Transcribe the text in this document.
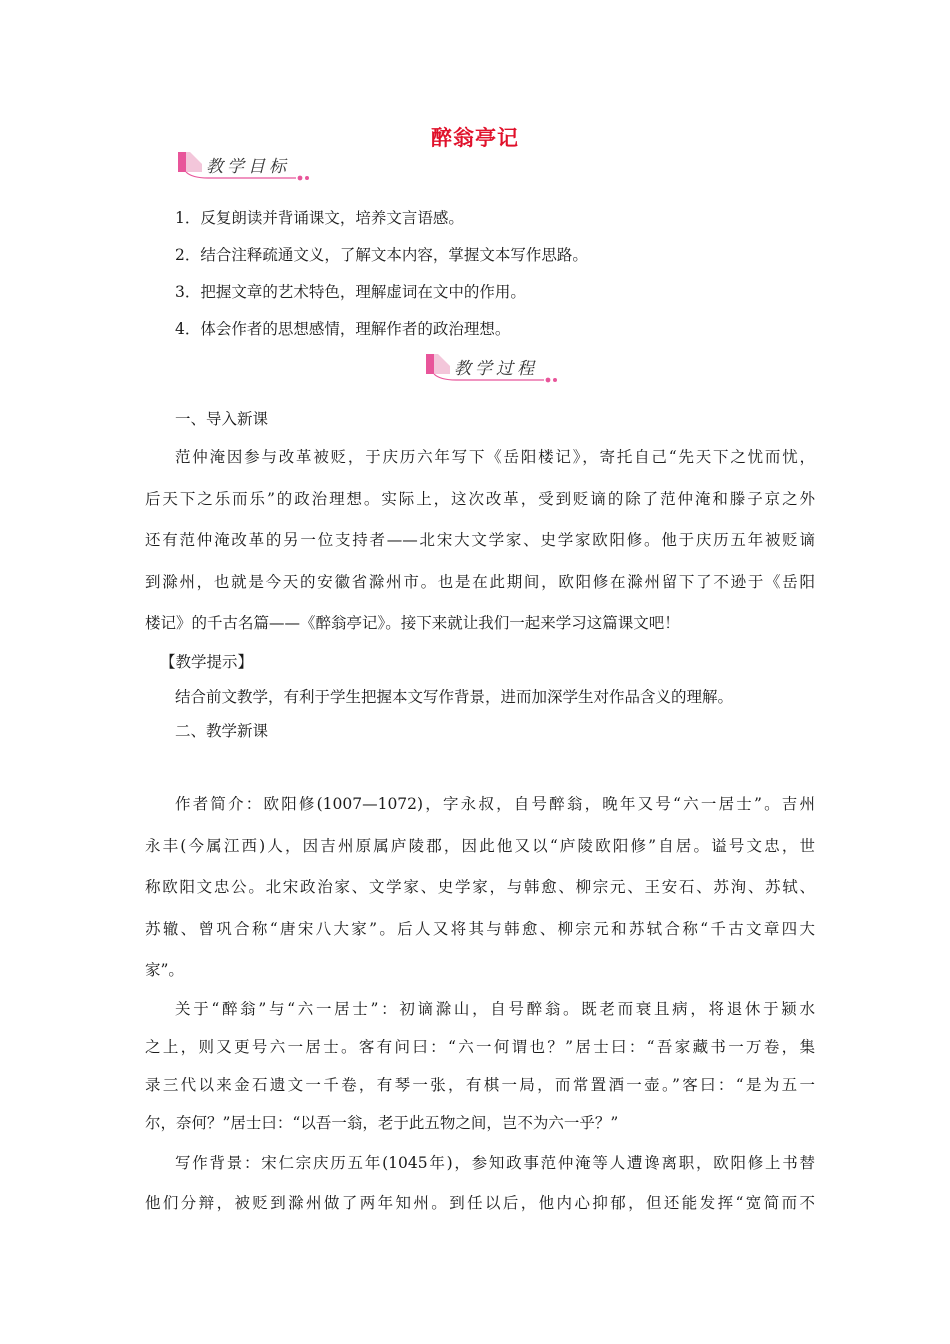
醉翁亭记
教学目标
1．反复朗读并背诵课文，培养文言语感。
2．结合注释疏通文义，了解文本内容，掌握文本写作思路。
3．把握文章的艺术特色，理解虚词在文中的作用。
4．体会作者的思想感情，理解作者的政治理想。
教学过程
一、导入新课
范仲淹因参与改革被贬，于庆历六年写下《岳阳楼记》，寄托自己“先天下之忧而忧，
后天下之乐而乐”的政治理想。实际上，这次改革，受到贬谪的除了范仲淹和滕子京之外
还有范仲淹改革的另一位支持者——北宋大文学家、史学家欧阳修。他于庆历五年被贬谪
到滁州，也就是今天的安徽省滁州市。也是在此期间，欧阳修在滁州留下了不逊于《岳阳
楼记》的千古名篇——《醉翁亭记》。接下来就让我们一起来学习这篇课文吧！
【教学提示】
结合前文教学，有利于学生把握本文写作背景，进而加深学生对作品含义的理解。
二、教学新课
作者简介：欧阳修(1007—1072)，字永叔，自号醉翁，晚年又号“六一居士”。吉州
永丰(今属江西)人，因吉州原属庐陵郡，因此他又以“庐陵欧阳修”自居。谥号文忠，世
称欧阳文忠公。北宋政治家、文学家、史学家，与韩愈、柳宗元、王安石、苏洵、苏轼、
苏辙、曾巩合称“唐宋八大家”。后人又将其与韩愈、柳宗元和苏轼合称“千古文章四大
家”。
关于“醉翁”与“六一居士”：初谪滁山，自号醉翁。既老而衰且病，将退休于颍水
之上，则又更号六一居士。客有问曰：“六一何谓也？”居士曰：“吾家藏书一万卷，集
录三代以来金石遗文一千卷，有琴一张，有棋一局，而常置酒一壶。”客曰：“是为五一
尔，奈何？”居士曰：“以吾一翁，老于此五物之间，岂不为六一乎？”
写作背景：宋仁宗庆历五年(1045年)，参知政事范仲淹等人遭谗离职，欧阳修上书替
他们分辩，被贬到滁州做了两年知州。到任以后，他内心抑郁，但还能发挥“宽简而不
